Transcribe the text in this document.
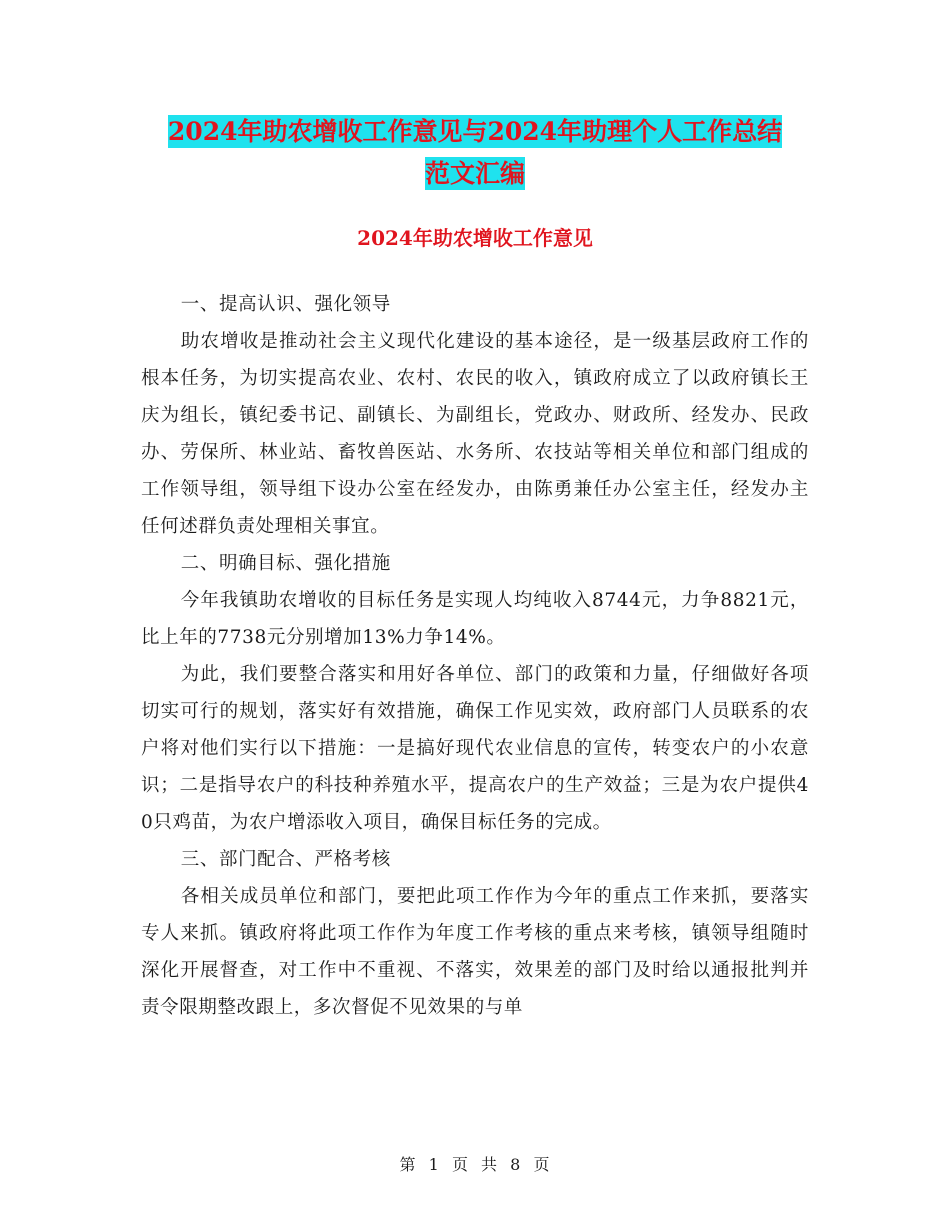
2024年助农增收工作意见与2024年助理个人工作总结
范文汇编
2024年助农增收工作意见

一、提高认识、强化领导

助农增收是推动社会主义现代化建设的基本途径，是一级基层政府工作的根本任务，为切实提高农业、农村、农民的收入，镇政府成立了以政府镇长王庆为组长，镇纪委书记、副镇长、为副组长，党政办、财政所、经发办、民政办、劳保所、林业站、畜牧兽医站、水务所、农技站等相关单位和部门组成的工作领导组，领导组下设办公室在经发办，由陈勇兼任办公室主任，经发办主任何述群负责处理相关事宜。

二、明确目标、强化措施

今年我镇助农增收的目标任务是实现人均纯收入8744元，力争8821元，比上年的7738元分别增加13%力争14%。

为此，我们要整合落实和用好各单位、部门的政策和力量，仔细做好各项切实可行的规划，落实好有效措施，确保工作见实效，政府部门人员联系的农户将对他们实行以下措施：一是搞好现代农业信息的宣传，转变农户的小农意识；二是指导农户的科技种养殖水平，提高农户的生产效益；三是为农户提供40只鸡苗，为农户增添收入项目，确保目标任务的完成。

三、部门配合、严格考核

各相关成员单位和部门，要把此项工作作为今年的重点工作来抓，要落实专人来抓。镇政府将此项工作作为年度工作考核的重点来考核，镇领导组随时深化开展督查，对工作中不重视、不落实，效果差的部门及时给以通报批判并责令限期整改跟上，多次督促不见效果的与单

第 1 页 共 8 页
